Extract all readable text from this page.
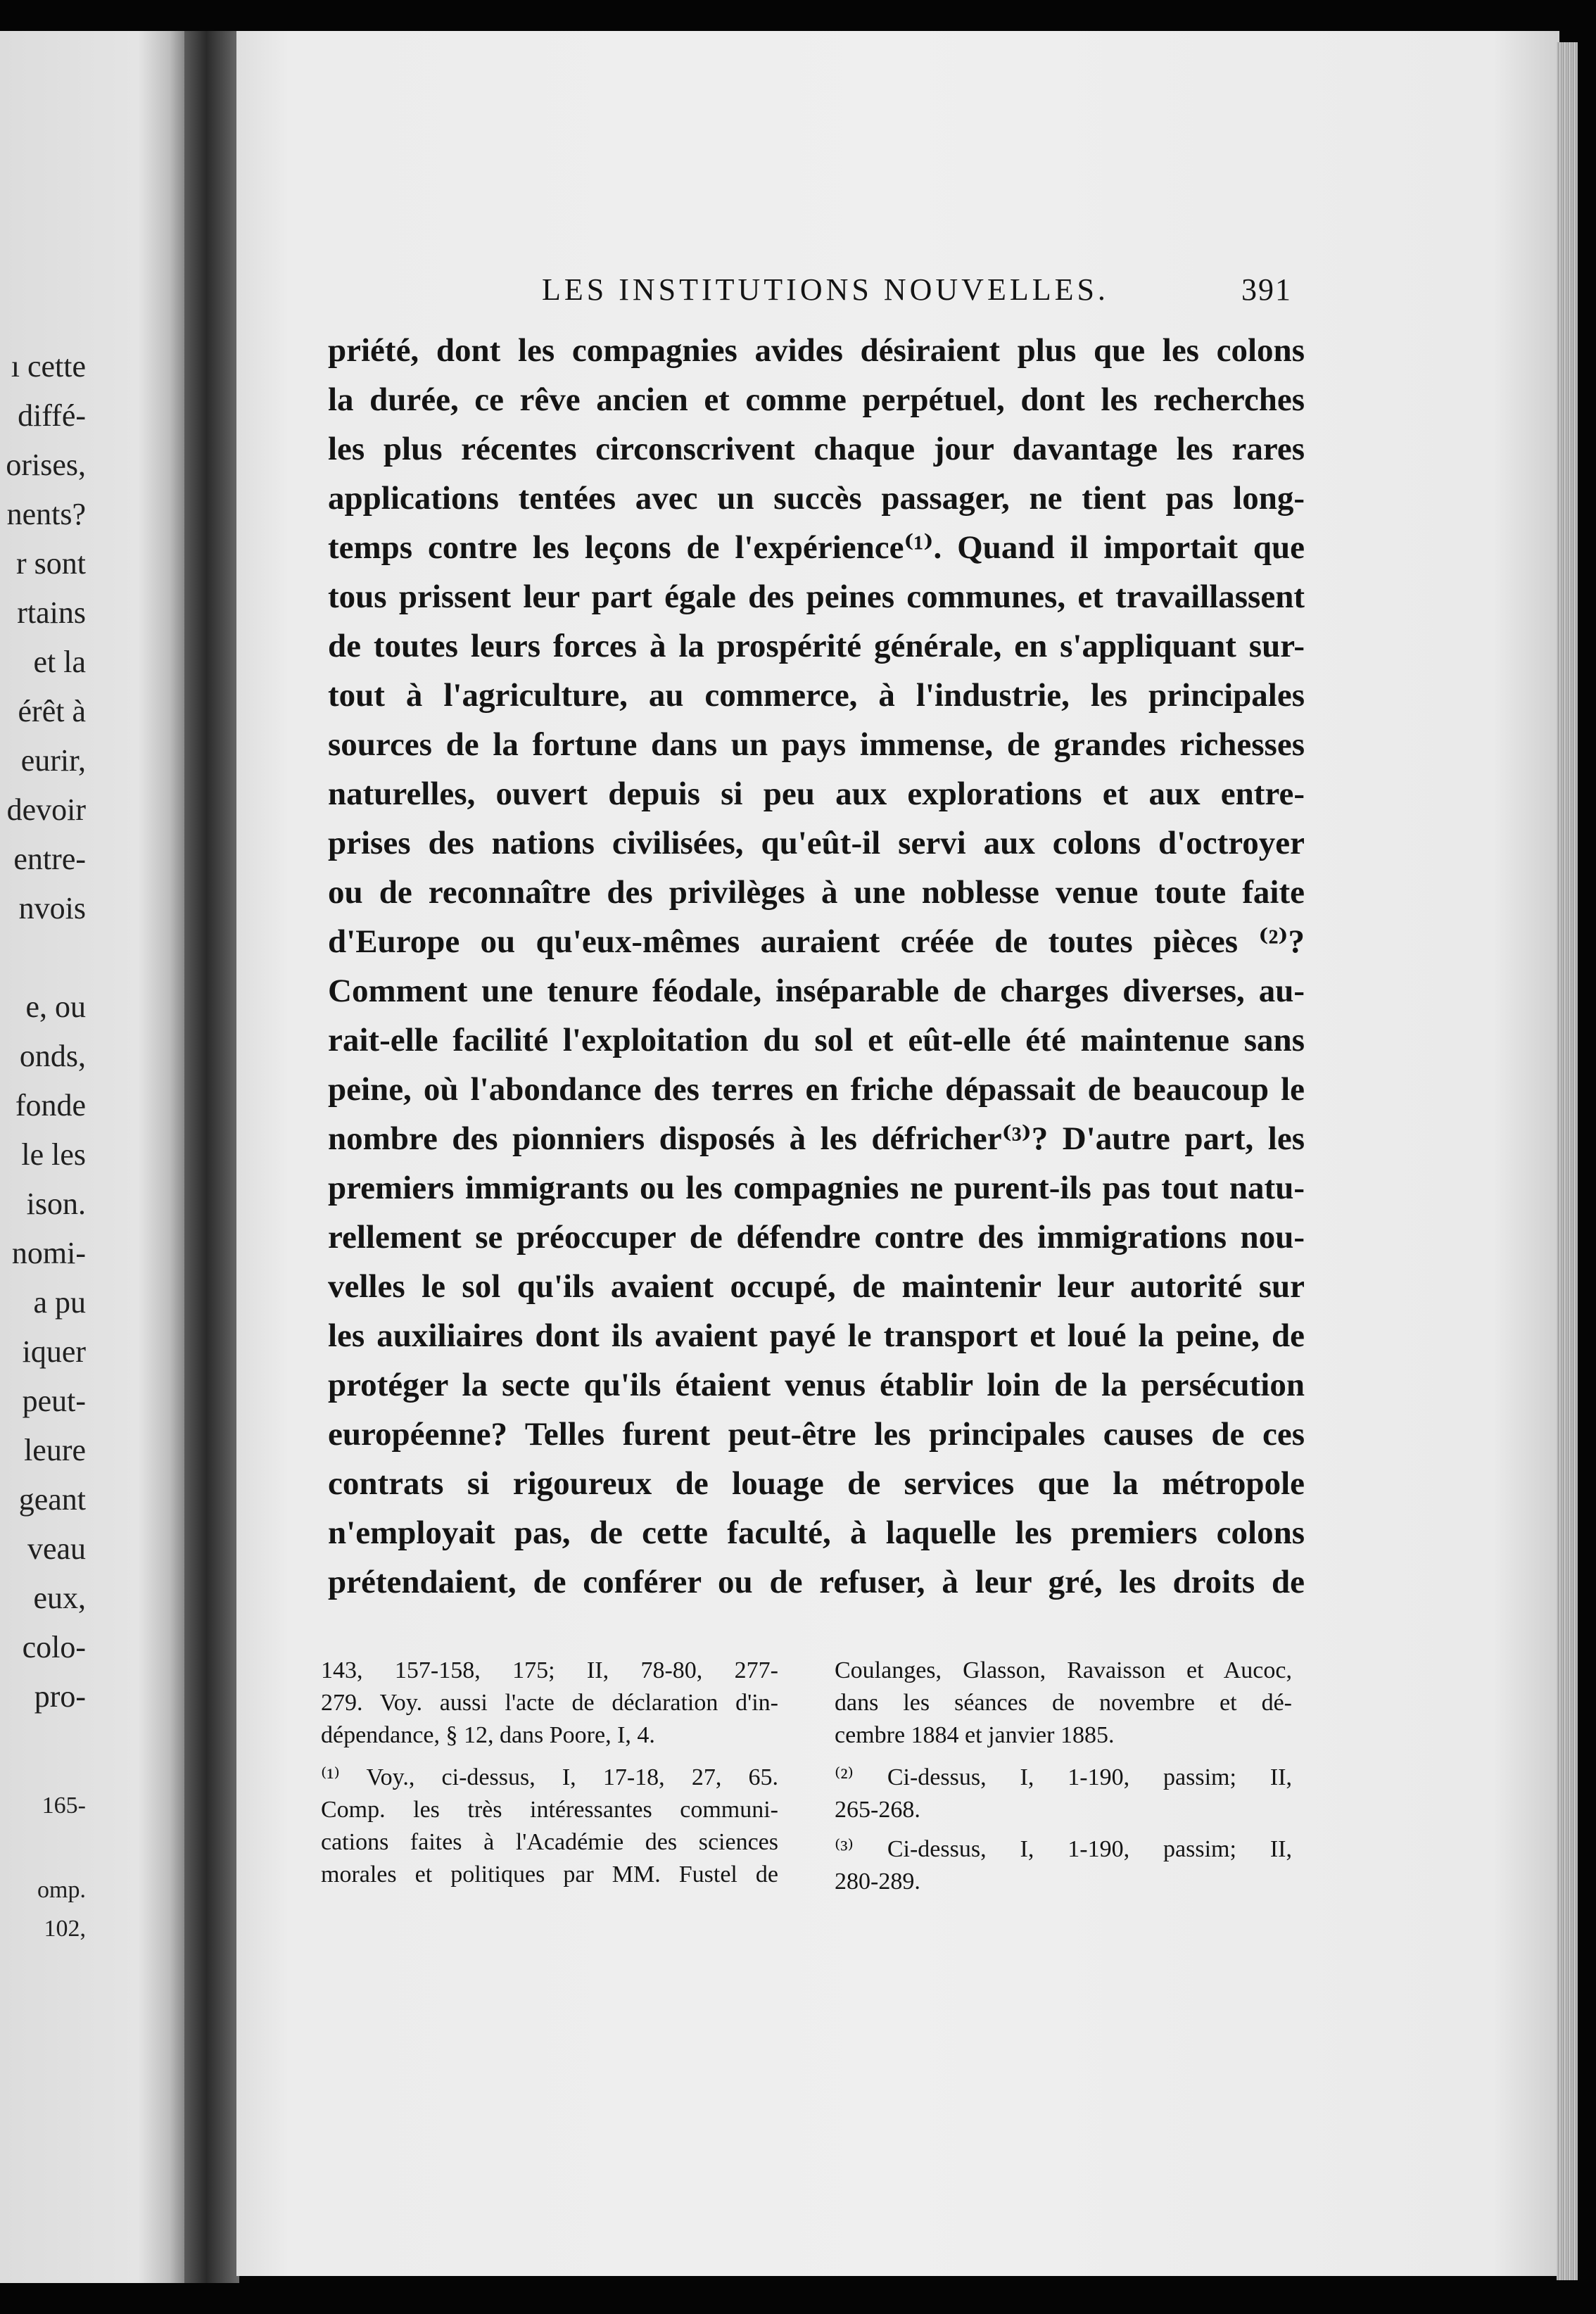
ı cette
diffé-
orises,
nents?
r sont
rtains
et la
érêt à
eurir,
devoir
entre-
nvois
e, ou
onds,
fonde
le les
ison.
nomi-
a pu
iquer
peut-
leure
geant
veau
eux,
colo-
pro-
165-
omp.
102,
LES INSTITUTIONS NOUVELLES.	391
priété, dont les compagnies avides désiraient plus que les colons
la durée, ce rêve ancien et comme perpétuel, dont les recherches
les plus récentes circonscrivent chaque jour davantage les rares
applications tentées avec un succès passager, ne tient pas long-
temps contre les leçons de l'expérience⁽¹⁾. Quand il importait que
tous prissent leur part égale des peines communes, et travaillassent
de toutes leurs forces à la prospérité générale, en s'appliquant sur-
tout à l'agriculture, au commerce, à l'industrie, les principales
sources de la fortune dans un pays immense, de grandes richesses
naturelles, ouvert depuis si peu aux explorations et aux entre-
prises des nations civilisées, qu'eût-il servi aux colons d'octroyer
ou de reconnaître des privilèges à une noblesse venue toute faite
d'Europe ou qu'eux-mêmes auraient créée de toutes pièces ⁽²⁾?
Comment une tenure féodale, inséparable de charges diverses, au-
rait-elle facilité l'exploitation du sol et eût-elle été maintenue sans
peine, où l'abondance des terres en friche dépassait de beaucoup le
nombre des pionniers disposés à les défricher⁽³⁾? D'autre part, les
premiers immigrants ou les compagnies ne purent-ils pas tout natu-
rellement se préoccuper de défendre contre des immigrations nou-
velles le sol qu'ils avaient occupé, de maintenir leur autorité sur
les auxiliaires dont ils avaient payé le transport et loué la peine, de
protéger la secte qu'ils étaient venus établir loin de la persécution
européenne? Telles furent peut-être les principales causes de ces
contrats si rigoureux de louage de services que la métropole
n'employait pas, de cette faculté, à laquelle les premiers colons
prétendaient, de conférer ou de refuser, à leur gré, les droits de
143, 157-158, 175; II, 78-80, 277-
279. Voy. aussi l'acte de déclaration d'in-
dépendance, § 12, dans Poore, I, 4.
⁽¹⁾ Voy., ci-dessus, I, 17-18, 27, 65.
Comp. les très intéressantes communi-
cations faites à l'Académie des sciences
morales et politiques par MM. Fustel de
Coulanges, Glasson, Ravaisson et Aucoc,
dans les séances de novembre et dé-
cembre 1884 et janvier 1885.
⁽²⁾ Ci-dessus, I, 1-190, passim; II,
265-268.
⁽³⁾ Ci-dessus, I, 1-190, passim; II,
280-289.
